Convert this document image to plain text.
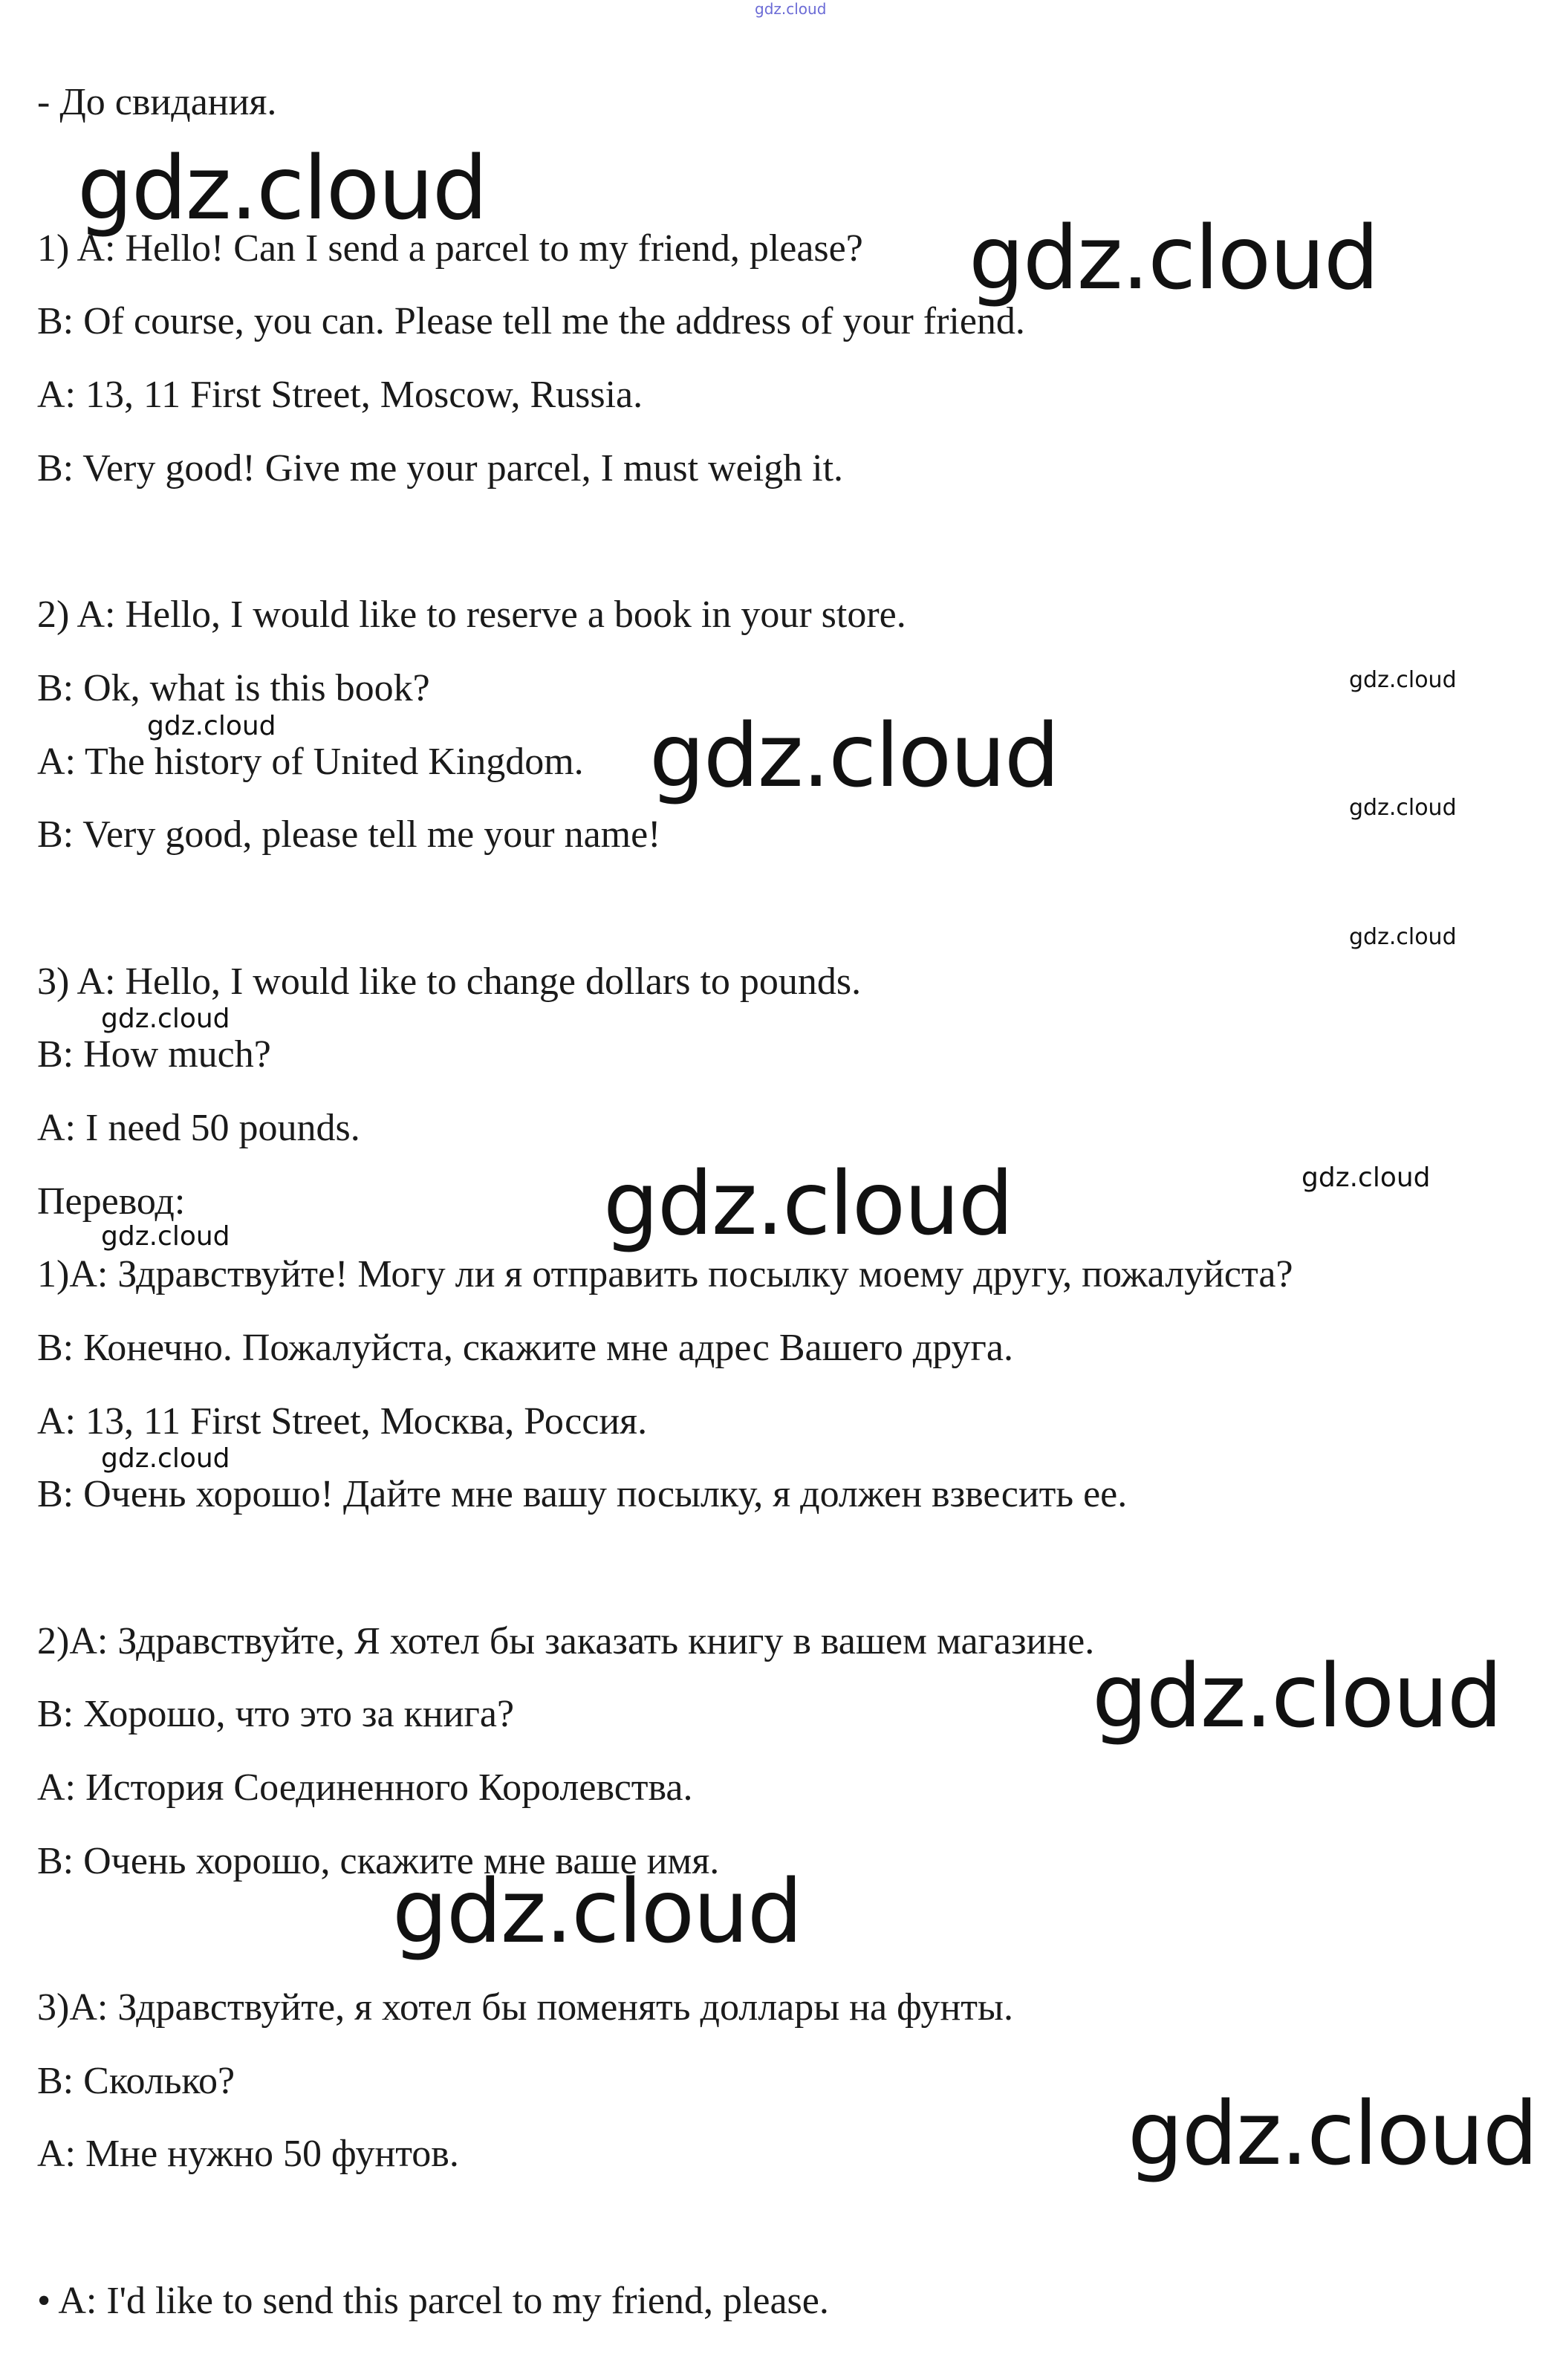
gdz.cloud
- До свидания.
1) A: Hello! Can I send a parcel to my friend, please?
B: Of course, you can. Please tell me the address of your friend.
A: 13, 11 First Street, Moscow, Russia.
B: Very good! Give me your parcel, I must weigh it.
2) A: Hello, I would like to reserve a book in your store.
B: Ok, what is this book?
A: The history of United Kingdom.
B: Very good, please tell me your name!
3) A: Hello, I would like to change dollars to pounds.
B: How much?
A: I need 50 pounds.
Перевод:
1)A: Здравствуйте! Могу ли я отправить посылку моему другу, пожалуйста?
B: Конечно. Пожалуйста, скажите мне адрес Вашего друга.
A: 13, 11 First Street, Москва, Россия.
B: Очень хорошо! Дайте мне вашу посылку, я должен взвесить ее.
2)A: Здравствуйте, Я хотел бы заказать книгу в вашем магазине.
B: Хорошо, что это за книга?
A: История Соединенного Королевства.
B: Очень хорошо, скажите мне ваше имя.
3)A: Здравствуйте, я хотел бы поменять доллары на фунты.
B: Сколько?
A: Мне нужно 50 фунтов.
• A: I'd like to send this parcel to my friend, please.
gdz.cloud
gdz.cloud
gdz.cloud
gdz.cloud	gdz.cloud
gdz.cloud
gdz.cloud
gdz.cloud
gdz.cloud	gdz.cloud
gdz.cloud
gdz.cloud
gdz.cloud
gdz.cloud
gdz.cloud
